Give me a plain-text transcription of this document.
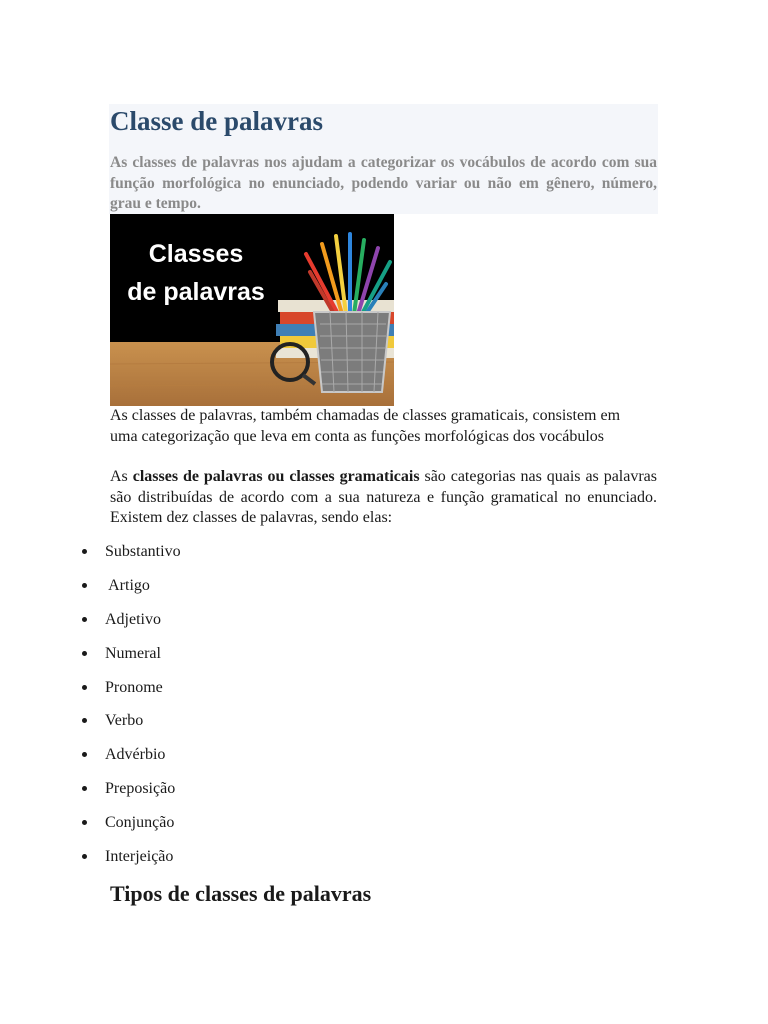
Classe de palavras

As classes de palavras nos ajudam a categorizar os vocábulos de acordo com sua função morfológica no enunciado, podendo variar ou não em gênero, número, grau e tempo.

Classes
de palavras

As classes de palavras, também chamadas de classes gramaticais, consistem em uma categorização que leva em conta as funções morfológicas dos vocábulos

As classes de palavras ou classes gramaticais são categorias nas quais as palavras são distribuídas de acordo com a sua natureza e função gramatical no enunciado. Existem dez classes de palavras, sendo elas:

Substantivo
Artigo
Adjetivo
Numeral
Pronome
Verbo
Advérbio
Preposição
Conjunção
Interjeição
Tipos de classes de palavras
